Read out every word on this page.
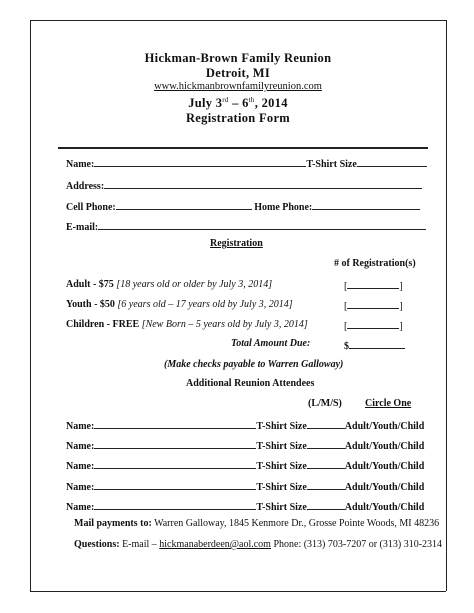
Hickman-Brown Family Reunion
Detroit, MI
www.hickmanbrownfamilyreunion.com
July 3rd – 6th, 2014
Registration Form
Name:	T-Shirt Size
Address:
Cell Phone:	Home Phone:
E-mail:
Registration
# of Registration(s)
Adult - $75 [18 years old or older by July 3, 2014]	[	]
Youth - $50 [6 years old – 17 years old by July 3, 2014]	[	]
Children - FREE [New Born – 5 years old by July 3, 2014]	[	]
Total Amount Due:	$
(Make checks payable to Warren Galloway)
Additional Reunion Attendees
(L/M/S) Circle One
Name:	T-Shirt Size	Adult/Youth/Child
Name:	T-Shirt Size	Adult/Youth/Child
Name:	T-Shirt Size	Adult/Youth/Child
Name:	T-Shirt Size	Adult/Youth/Child
Name:	T-Shirt Size	Adult/Youth/Child
Mail payments to: Warren Galloway, 1845 Kenmore Dr., Grosse Pointe Woods, MI 48236
Questions: E-mail – hickmanaberdeen@aol.com Phone: (313) 703-7207 or (313) 310-2314
